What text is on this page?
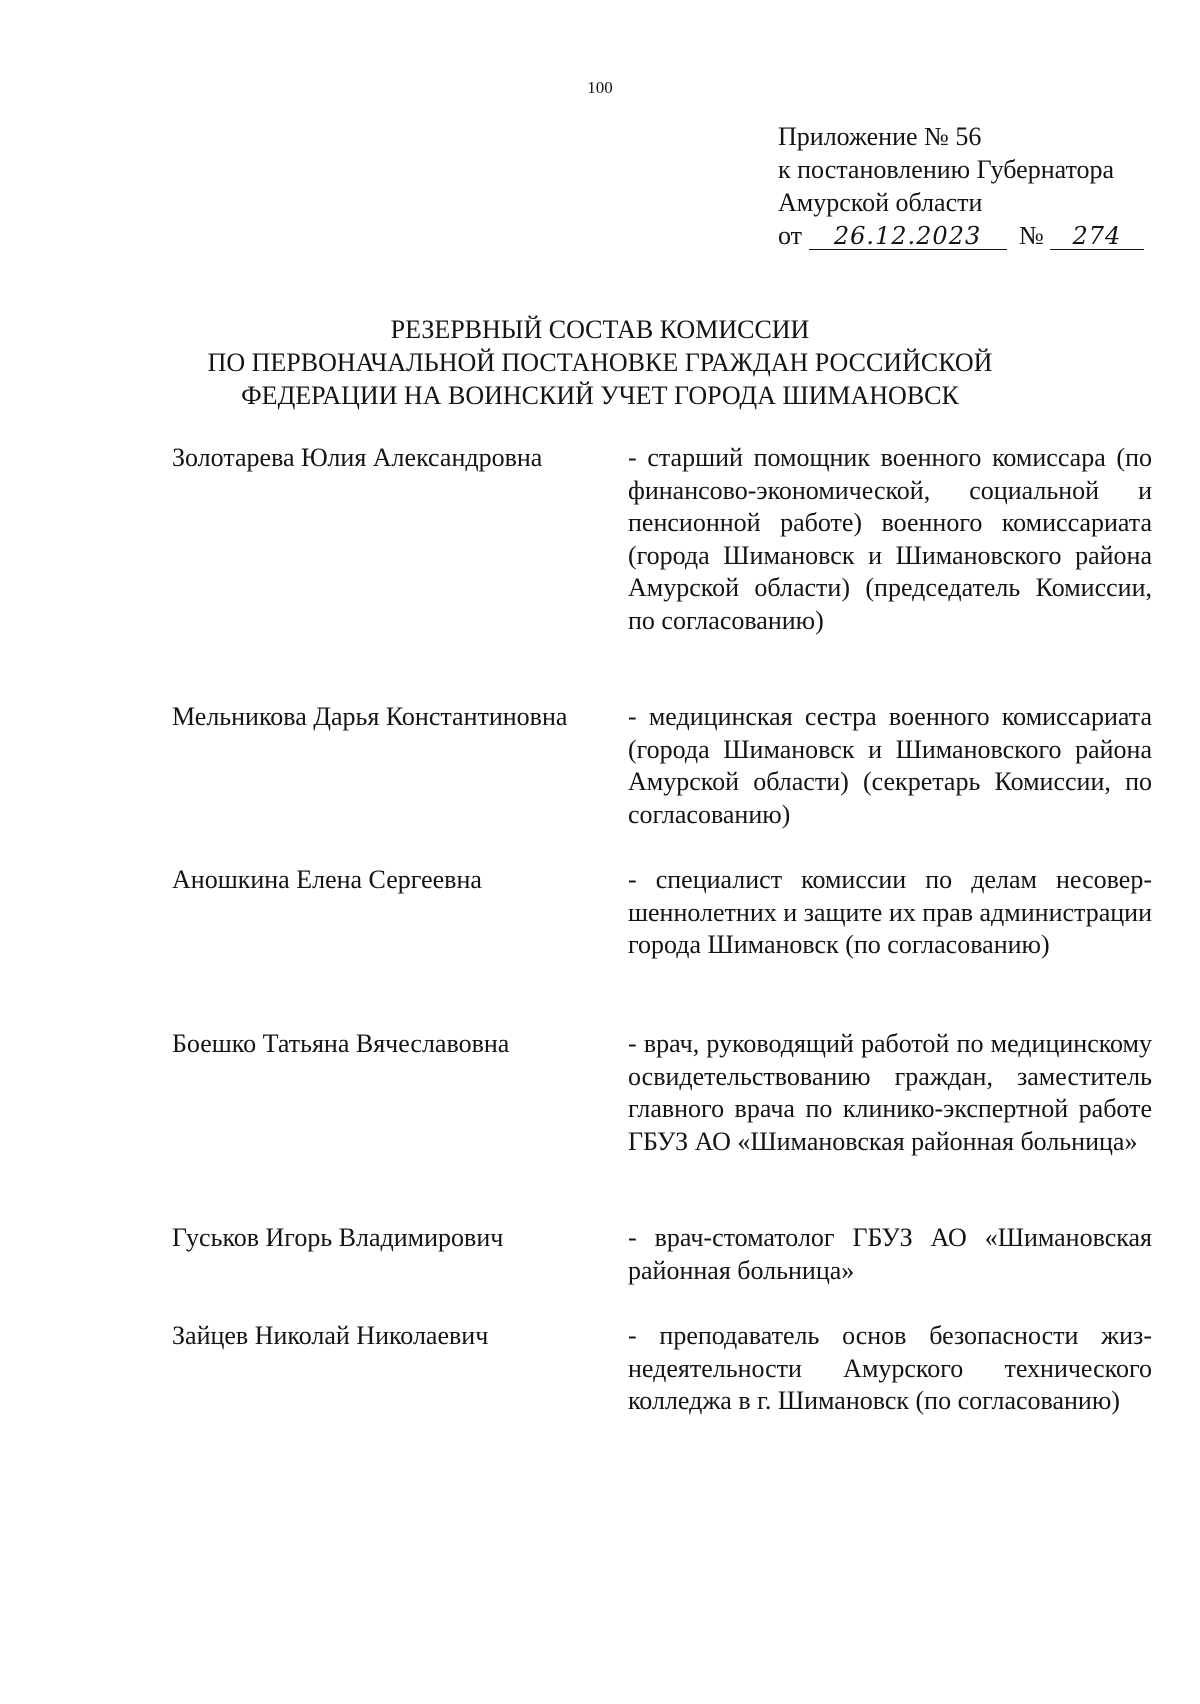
100
Приложение № 56
к постановлению Губернатора
Амурской области
от 26.12.2023 № 274
РЕЗЕРВНЫЙ СОСТАВ КОМИССИИ
ПО ПЕРВОНАЧАЛЬНОЙ ПОСТАНОВКЕ ГРАЖДАН РОССИЙСКОЙ
ФЕДЕРАЦИИ НА ВОИНСКИЙ УЧЕТ ГОРОДА ШИМАНОВСК
Золотарева Юлия Александровна	- старший помощник военного комиссара (по финансово-экономической, социальной и пенсионной работе) военного комиссариата (города Шимановск и Шимановского района Амурской области) (председатель Комиссии, по согласованию)
Мельникова Дарья Константиновна	- медицинская сестра военного комиссариата (города Шимановск и Шимановского района Амурской области) (секретарь Комиссии, по согласованию)
Аношкина Елена Сергеевна	- специалист комиссии по делам несовершеннолетних и защите их прав администрации города Шимановск (по согласованию)
Боешко Татьяна Вячеславовна	- врач, руководящий работой по медицинскому освидетельствованию граждан, заместитель главного врача по клинико-экспертной работе ГБУЗ АО «Шимановская районная больница»
Гуськов Игорь Владимирович	- врач-стоматолог ГБУЗ АО «Шимановская районная больница»
Зайцев Николай Николаевич	- преподаватель основ безопасности жизнедеятельности Амурского технического колледжа в г. Шимановск (по согласованию)
